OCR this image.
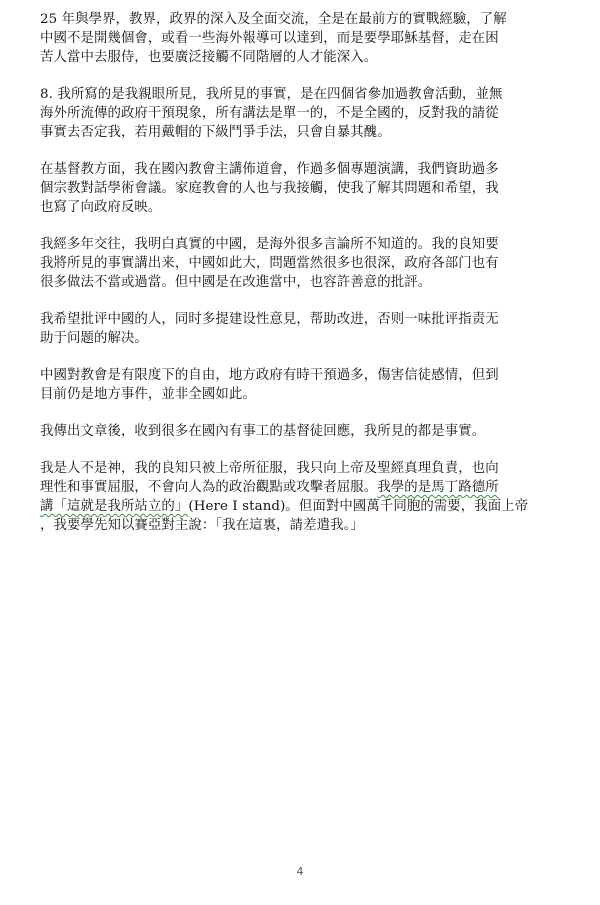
25 年與學界，教界，政界的深入及全面交流，全是在最前方的實戰經驗，了解
中國不是開幾個會，或看一些海外報導可以達到，而是要學耶穌基督，走在困
苦人當中去服侍，也要廣泛接觸不同階層的人才能深入。

8. 我所寫的是我親眼所見，我所見的事實，是在四個省參加過教會活動，並無
海外所流傳的政府干預現象，所有講法是單一的，不是全國的，反對我的請從
事實去否定我，若用戴帽的下級鬥爭手法，只會自暴其醜。

在基督教方面，我在國內教會主講佈道會，作過多個專題演講，我們資助過多
個宗教對話學術會議。家庭教會的人也与我接觸，使我了解其問題和希望，我
也寫了向政府反映。

我經多年交往，我明白真實的中國，是海外很多言論所不知道的。我的良知要
我將所見的事實講出来，中國如此大，問題當然很多也很深，政府各部门也有
很多做法不當或過當。但中國是在改進當中，也容許善意的批評。

我希望批评中國的人，同时多提建设性意見，帮助改进，否则一味批评指责无
助于问题的解决。

中國對教會是有限度下的自由，地方政府有時干預過多，傷害信徒感情，但到
目前仍是地方事件，並非全國如此。

我傳出文章後，收到很多在國內有事工的基督徒回應，我所見的都是事實。

我是人不是神，我的良知只被上帝所征服，我只向上帝及聖經真理負責，也向
理性和事實屈服，不會向人為的政治觀點或攻擊者屈服。我學的是馬丁路德所
講「這就是我所站立的」(Here I stand)。但面對中國萬千同胞的需要，我面上帝
，我要學先知以賽亞對主說：「我在這裏，請差遣我。」

4
